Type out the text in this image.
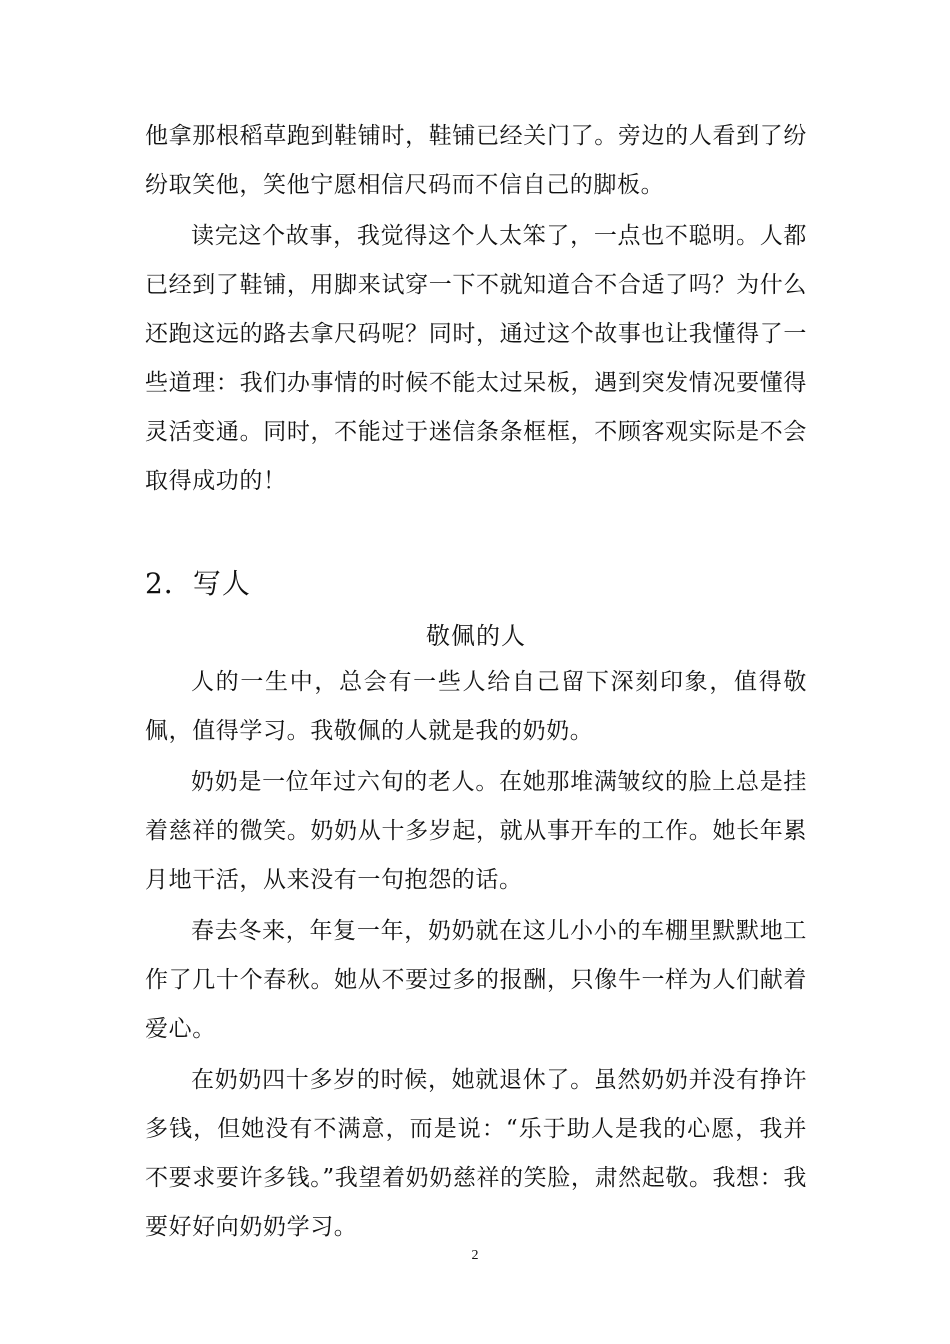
他拿那根稻草跑到鞋铺时，鞋铺已经关门了。旁边的人看到了纷纷取笑他，笑他宁愿相信尺码而不信自己的脚板。

读完这个故事，我觉得这个人太笨了，一点也不聪明。人都已经到了鞋铺，用脚来试穿一下不就知道合不合适了吗？为什么还跑这远的路去拿尺码呢？同时，通过这个故事也让我懂得了一些道理：我们办事情的时候不能太过呆板，遇到突发情况要懂得灵活变通。同时，不能过于迷信条条框框，不顾客观实际是不会取得成功的！

2．写人
敬佩的人

人的一生中，总会有一些人给自己留下深刻印象，值得敬佩，值得学习。我敬佩的人就是我的奶奶。

奶奶是一位年过六旬的老人。在她那堆满皱纹的脸上总是挂着慈祥的微笑。奶奶从十多岁起，就从事开车的工作。她长年累月地干活，从来没有一句抱怨的话。

春去冬来，年复一年，奶奶就在这儿小小的车棚里默默地工作了几十个春秋。她从不要过多的报酬，只像牛一样为人们献着爱心。

在奶奶四十多岁的时候，她就退休了。虽然奶奶并没有挣许多钱，但她没有不满意，而是说：“乐于助人是我的心愿，我并不要求要许多钱。”我望着奶奶慈祥的笑脸，肃然起敬。我想：我要好好向奶奶学习。

2
